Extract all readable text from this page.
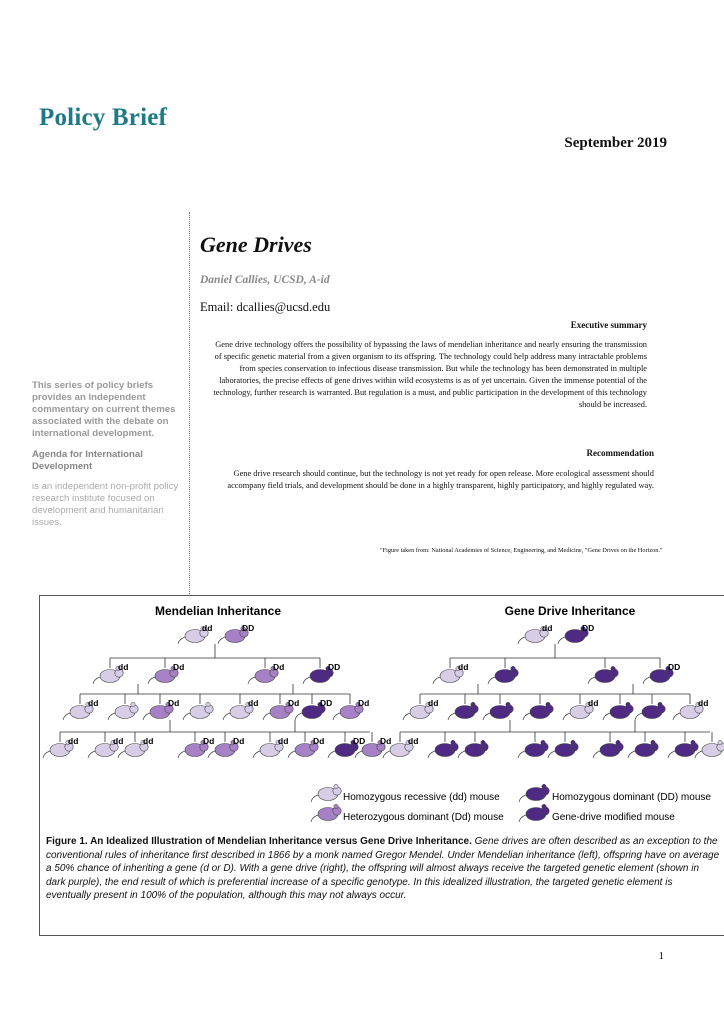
Policy Brief
September 2019
This series of policy briefs provides an independent commentary on current themes associated with the debate on international development.
Agenda for International Development
is an independent non-profit policy research institute focused on development and humanitarian issues.
Gene Drives
Daniel Callies, UCSD, A-id
Email: dcallies@ucsd.edu
Executive summary
Gene drive technology offers the possibility of bypassing the laws of mendelian inheritance and nearly ensuring the transmission of specific genetic material from a given organism to its offspring. The technology could help address many intractable problems from species conservation to infectious disease transmission. But while the technology has been demonstrated in multiple laboratories, the precise effects of gene drives within wild ecosystems is as of yet uncertain. Given the immense potential of the technology, further research is warranted. But regulation is a must, and public participation in the development of this technology should be increased.
Recommendation
Gene drive research should continue, but the technology is not yet ready for open release. More ecological assessment should accompany field trials, and development should be done in a highly transparent, highly participatory, and highly regulated way.
"Figure taken from: National Academies of Science, Engineering, and Medicine, "Gene Drives on the Horizon."
Mendelian Inheritance	Gene Drive Inheritance
dd	DD
dd	Dd	Dd	DD
dd	Dd	dd	Dd DD	Dd
dd	dd dd	Dd Dd	dd	Dd	DD Dd
dd	DD
dd	DD
dd	dd	dd
dd
Homozygous recessive (dd) mouse
Heterozygous dominant (Dd) mouse
Homozygous dominant (DD) mouse
Gene-drive modified mouse
Figure 1. An Idealized Illustration of Mendelian Inheritance versus Gene Drive Inheritance. Gene drives are often described as an exception to the conventional rules of inheritance first described in 1866 by a monk named Gregor Mendel. Under Mendelian inheritance (left), offspring have on average a 50% chance of inheriting a gene (d or D). With a gene drive (right), the offspring will almost always receive the targeted genetic element (shown in dark purple), the end result of which is preferential increase of a specific genotype. In this idealized illustration, the targeted genetic element is eventually present in 100% of the population, although this may not always occur.
1
